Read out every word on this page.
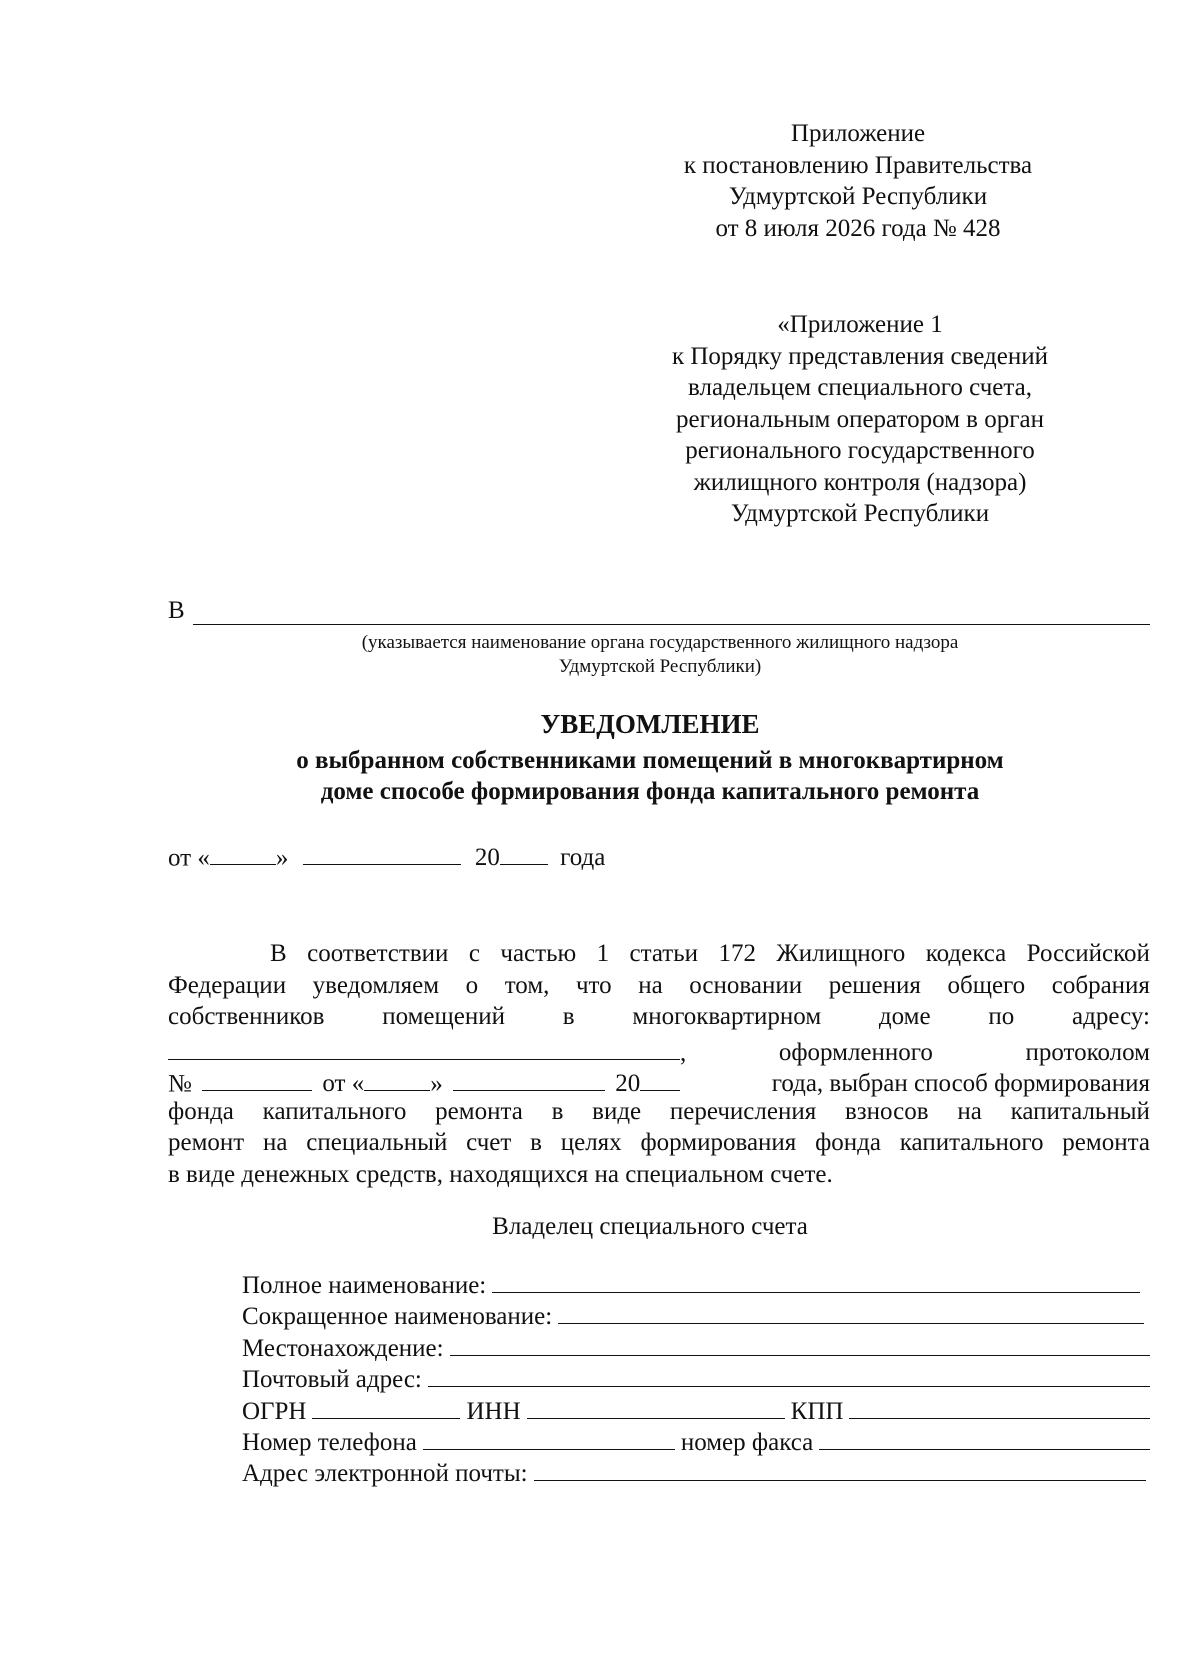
Приложение
к постановлению Правительства
Удмуртской Республики
от 8 июля 2026 года № 428
«Приложение 1
к Порядку представления сведений
владельцем специального счета,
региональным оператором в орган
регионального государственного
жилищного контроля (надзора)
Удмуртской Республики
В
(указывается наименование органа государственного жилищного надзора
Удмуртской Республики)
УВЕДОМЛЕНИЕ
о выбранном собственниками помещений в многоквартирном
доме способе формирования фонда капитального ремонта
от «	»	20 года
В соответствии с частью 1 статьи 172 Жилищного кодекса Российской
Федерации уведомляем о том, что на основании решения общего собрания
собственников помещений в многоквартирном доме по адресу:
,	оформленного	протоколом
№	от «	»	20	года, выбран способ формирования
фонда капитального ремонта в виде перечисления взносов на капитальный
ремонт на специальный счет в целях формирования фонда капитального ремонта
в виде денежных средств, находящихся на специальном счете.
Владелец специального счета
Полное наименование:
Сокращенное наименование:
Местонахождение:
Почтовый адрес:
ОГРН	ИНН	КПП
Номер телефона	номер факса
Адрес электронной почты:
